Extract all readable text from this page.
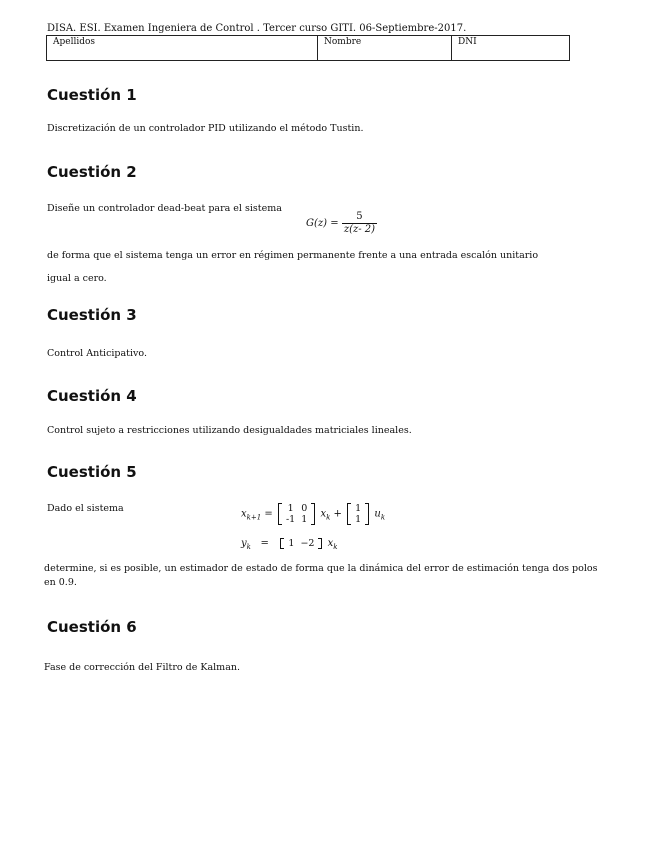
DISA. ESI. Examen Ingeniera de Control . Tercer curso GITI. 06-Septiembre-2017.
Apellidos	Nombre	DNI
Cuestión 1
Discretización de un controlador PID utilizando el método Tustin.
Cuestión 2
Diseñe un controlador dead-beat para el sistema
$G(z) = \frac{5}{z(z- 2)}$
de forma que el sistema tenga un error en régimen permanente frente a una entrada escalón unitario
igual a cero.
Cuestión 3
Control Anticipativo.
Cuestión 4
Control sujeto a restricciones utilizando desigualdades matriciales lineales.
Cuestión 5
Dado el sistema	$x_{k+1} = 1$	0
-1	1 $x_k + 1$
1 $u_k$
$y_k = 1$	−2 $x_k$
determine, si es posible, un estimador de estado de forma que la dinámica del error de estimación tenga dos polos
en 0.9.
Cuestión 6
Fase de corrección del Filtro de Kalman.
